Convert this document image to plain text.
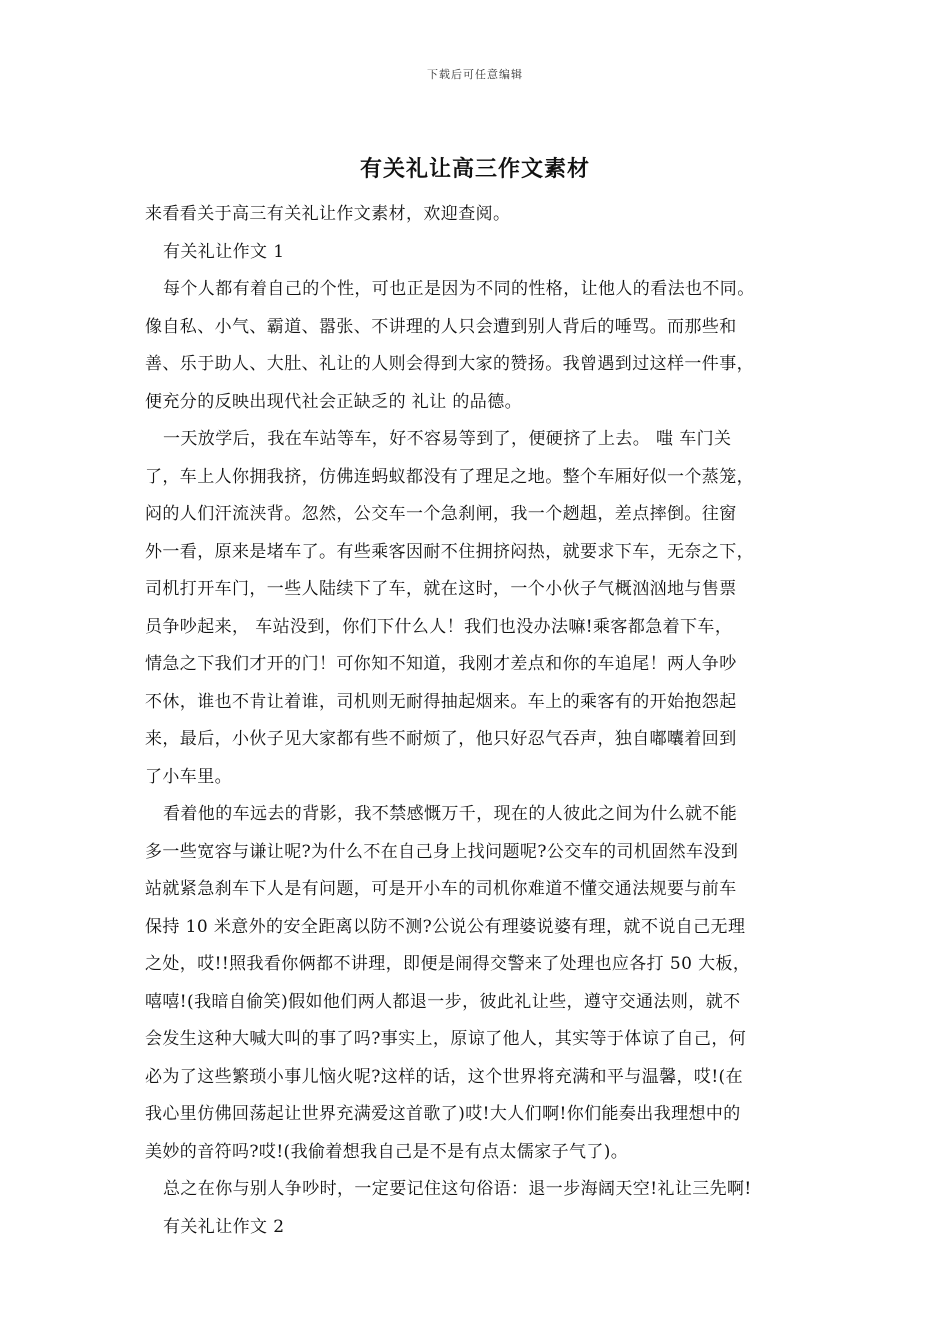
下载后可任意编辑
有关礼让高三作文素材
来看看关于高三有关礼让作文素材，欢迎查阅。
有关礼让作文 1
每个人都有着自己的个性，可也正是因为不同的性格，让他人的看法也不同。
像自私、小气、霸道、嚣张、不讲理的人只会遭到别人背后的唾骂。而那些和
善、乐于助人、大肚、礼让的人则会得到大家的赞扬。我曾遇到过这样一件事，
便充分的反映出现代社会正缺乏的 礼让 的品德。
一天放学后，我在车站等车，好不容易等到了，便硬挤了上去。 嗤 车门关
了，车上人你拥我挤，仿佛连蚂蚁都没有了理足之地。整个车厢好似一个蒸笼，
闷的人们汗流浃背。忽然，公交车一个急刹闸，我一个趔趄，差点摔倒。往窗
外一看，原来是堵车了。有些乘客因耐不住拥挤闷热，就要求下车，无奈之下，
司机打开车门，一些人陆续下了车，就在这时，一个小伙子气概汹汹地与售票
员争吵起来， 车站没到，你们下什么人！我们也没办法嘛!乘客都急着下车，
情急之下我们才开的门！可你知不知道，我刚才差点和你的车追尾！两人争吵
不休，谁也不肯让着谁，司机则无耐得抽起烟来。车上的乘客有的开始抱怨起
来，最后，小伙子见大家都有些不耐烦了，他只好忍气吞声，独自嘟囔着回到
了小车里。
看着他的车远去的背影，我不禁感慨万千，现在的人彼此之间为什么就不能
多一些宽容与谦让呢?为什么不在自己身上找问题呢?公交车的司机固然车没到
站就紧急刹车下人是有问题，可是开小车的司机你难道不懂交通法规要与前车
保持 10 米意外的安全距离以防不测?公说公有理婆说婆有理，就不说自己无理
之处，哎!!照我看你俩都不讲理，即便是闹得交警来了处理也应各打 50 大板，
嘻嘻!(我暗自偷笑)假如他们两人都退一步，彼此礼让些，遵守交通法则，就不
会发生这种大喊大叫的事了吗?事实上，原谅了他人，其实等于体谅了自己，何
必为了这些繁琐小事儿恼火呢?这样的话，这个世界将充满和平与温馨，哎!(在
我心里仿佛回荡起让世界充满爱这首歌了)哎!大人们啊!你们能奏出我理想中的
美妙的音符吗?哎!(我偷着想我自己是不是有点太儒家子气了)。
总之在你与别人争吵时，一定要记住这句俗语：退一步海阔天空!礼让三先啊!
有关礼让作文 2
